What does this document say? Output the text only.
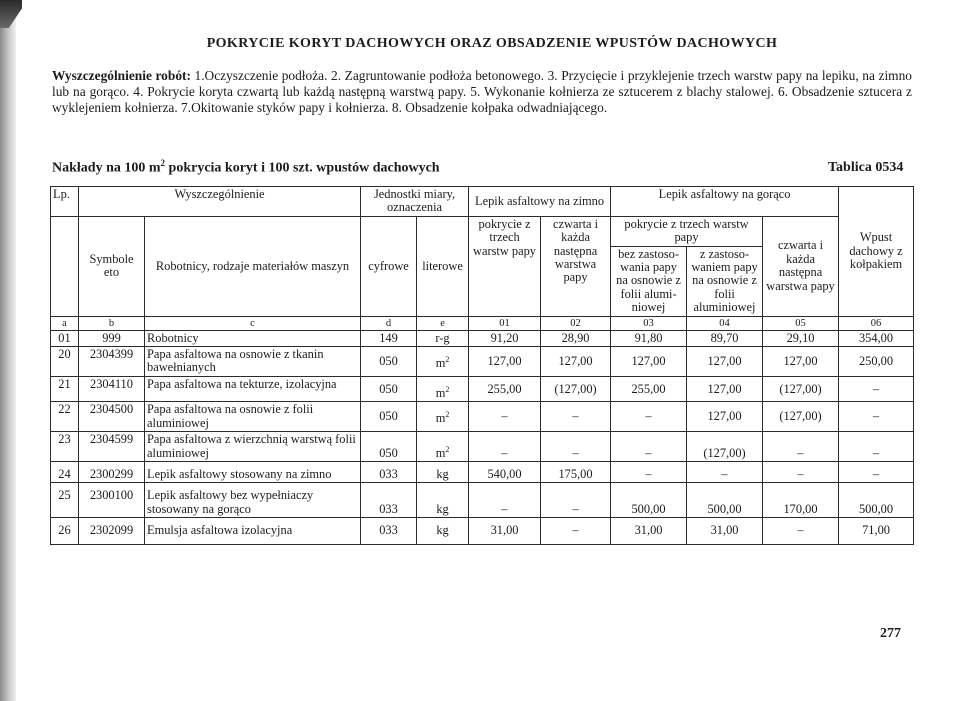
POKRYCIE KORYT DACHOWYCH ORAZ OBSADZENIE WPUSTÓW DACHOWYCH
Wyszczególnienie robót: 1.Oczyszczenie podłoża. 2. Zagruntowanie podłoża betonowego. 3. Przycięcie i przyklejenie trzech warstw papy na lepiku, na zimno lub na gorąco. 4. Pokrycie koryta czwartą lub każdą następną warstwą papy. 5. Wykonanie kołnierza ze sztucerem z blachy stalowej. 6. Obsadzenie sztucera z wyklejeniem kołnierza. 7.Okitowanie styków papy i kołnierza. 8. Obsadzenie kołpaka odwadniającego.
Nakłady na 100 $m^2$ pokrycia koryt i 100 szt. wpustów dachowych	Tablica 0534
Lp.	Wyszczególnienie		Jednostki miary, oznaczenia		Lepik asfaltowy na zimno		Lepik asfaltowy na gorąco			Wpust dachowy z kołpakiem
	Symbole eto	Robotnicy, rodzaje materiałów maszyn	cyfrowe	literowe	pokrycie z trzech warstw papy	czwarta i każda następna warstwa papy	pokrycie z trzech warstw papy		czwarta i każda następna warstwa papy	
							bez zastoso-wania papy na osnowie z folii alumi-niowej	z zastoso-waniem papy na osnowie z folii aluminiowej		
a	b	c	d	e	01	02	03	04	05	06
01	999	Robotnicy	149	r-g	91,20	28,90	91,80	89,70	29,10	354,00
20	2304399	Papa asfaltowa na osnowie z tkanin bawełnianych	050	$m^2$	127,00	127,00	127,00	127,00	127,00	250,00
21	2304110	Papa asfaltowa na tekturze, izolacyjna	050	$m^2$	255,00	(127,00)	255,00	127,00	(127,00)	–
22	2304500	Papa asfaltowa na osnowie z folii aluminiowej	050	$m^2$	–	–	–	127,00	(127,00)	–
23	2304599	Papa asfaltowa z wierzchnią warstwą folii aluminiowej	050	$m^2$	–	–	–	(127,00)	–	–
24	2300299	Lepik asfaltowy stosowany na zimno	033	kg	540,00	175,00	–	–	–	–
25	2300100	Lepik asfaltowy bez wypełniaczy stosowany na gorąco	033	kg	–	–	500,00	500,00	170,00	500,00
26	2302099	Emulsja asfaltowa izolacyjna	033	kg	31,00	–	31,00	31,00	–	71,00
277
